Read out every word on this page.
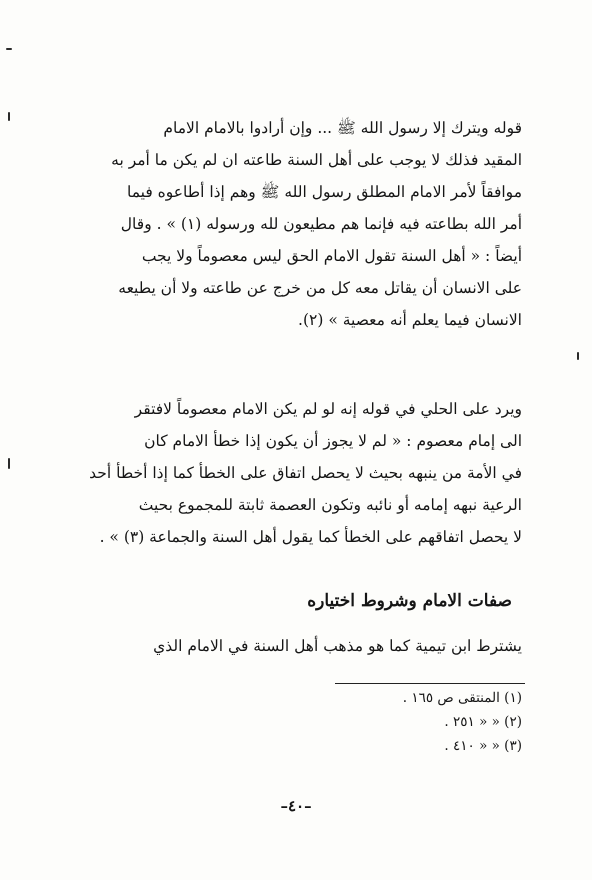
قوله ويترك إلا رسول الله ﷺ ... وإن أرادوا بالامام الامام
المقيد فذلك لا يوجب على أهل السنة طاعته ان لم يكن ما أمر به
موافقاً لأمر الامام المطلق رسول الله ﷺ وهم إذا أطاعوه فيما
أمر الله بطاعته فيه فإنما هم مطيعون لله ورسوله (١) » . وقال
أيضاً : « أهل السنة تقول الامام الحق ليس معصوماً ولا يجب
على الانسان أن يقاتل معه كل من خرج عن طاعته ولا أن يطيعه
الانسان فيما يعلم أنه معصية » (٢).
ويرد على الحلي في قوله إنه لو لم يكن الامام معصوماً لافتقر
الى إمام معصوم : « لم لا يجوز أن يكون إذا خطأ الامام كان
في الأمة من ينبهه بحيث لا يحصل اتفاق على الخطأ كما إذا أخطأ أحد
الرعية نبهه إمامه أو نائبه وتكون العصمة ثابتة للمجموع بحيث
لا يحصل اتفاقهم على الخطأ كما يقول أهل السنة والجماعة (٣) » .
صفات الامام وشروط اختياره
يشترط ابن تيمية كما هو مذهب أهل السنة في الامام الذي
(١) المنتقى ص ١٦٥ .
(٢) « « ٢٥١ .
(٣) « « ٤١٠ .
–٤٠–
